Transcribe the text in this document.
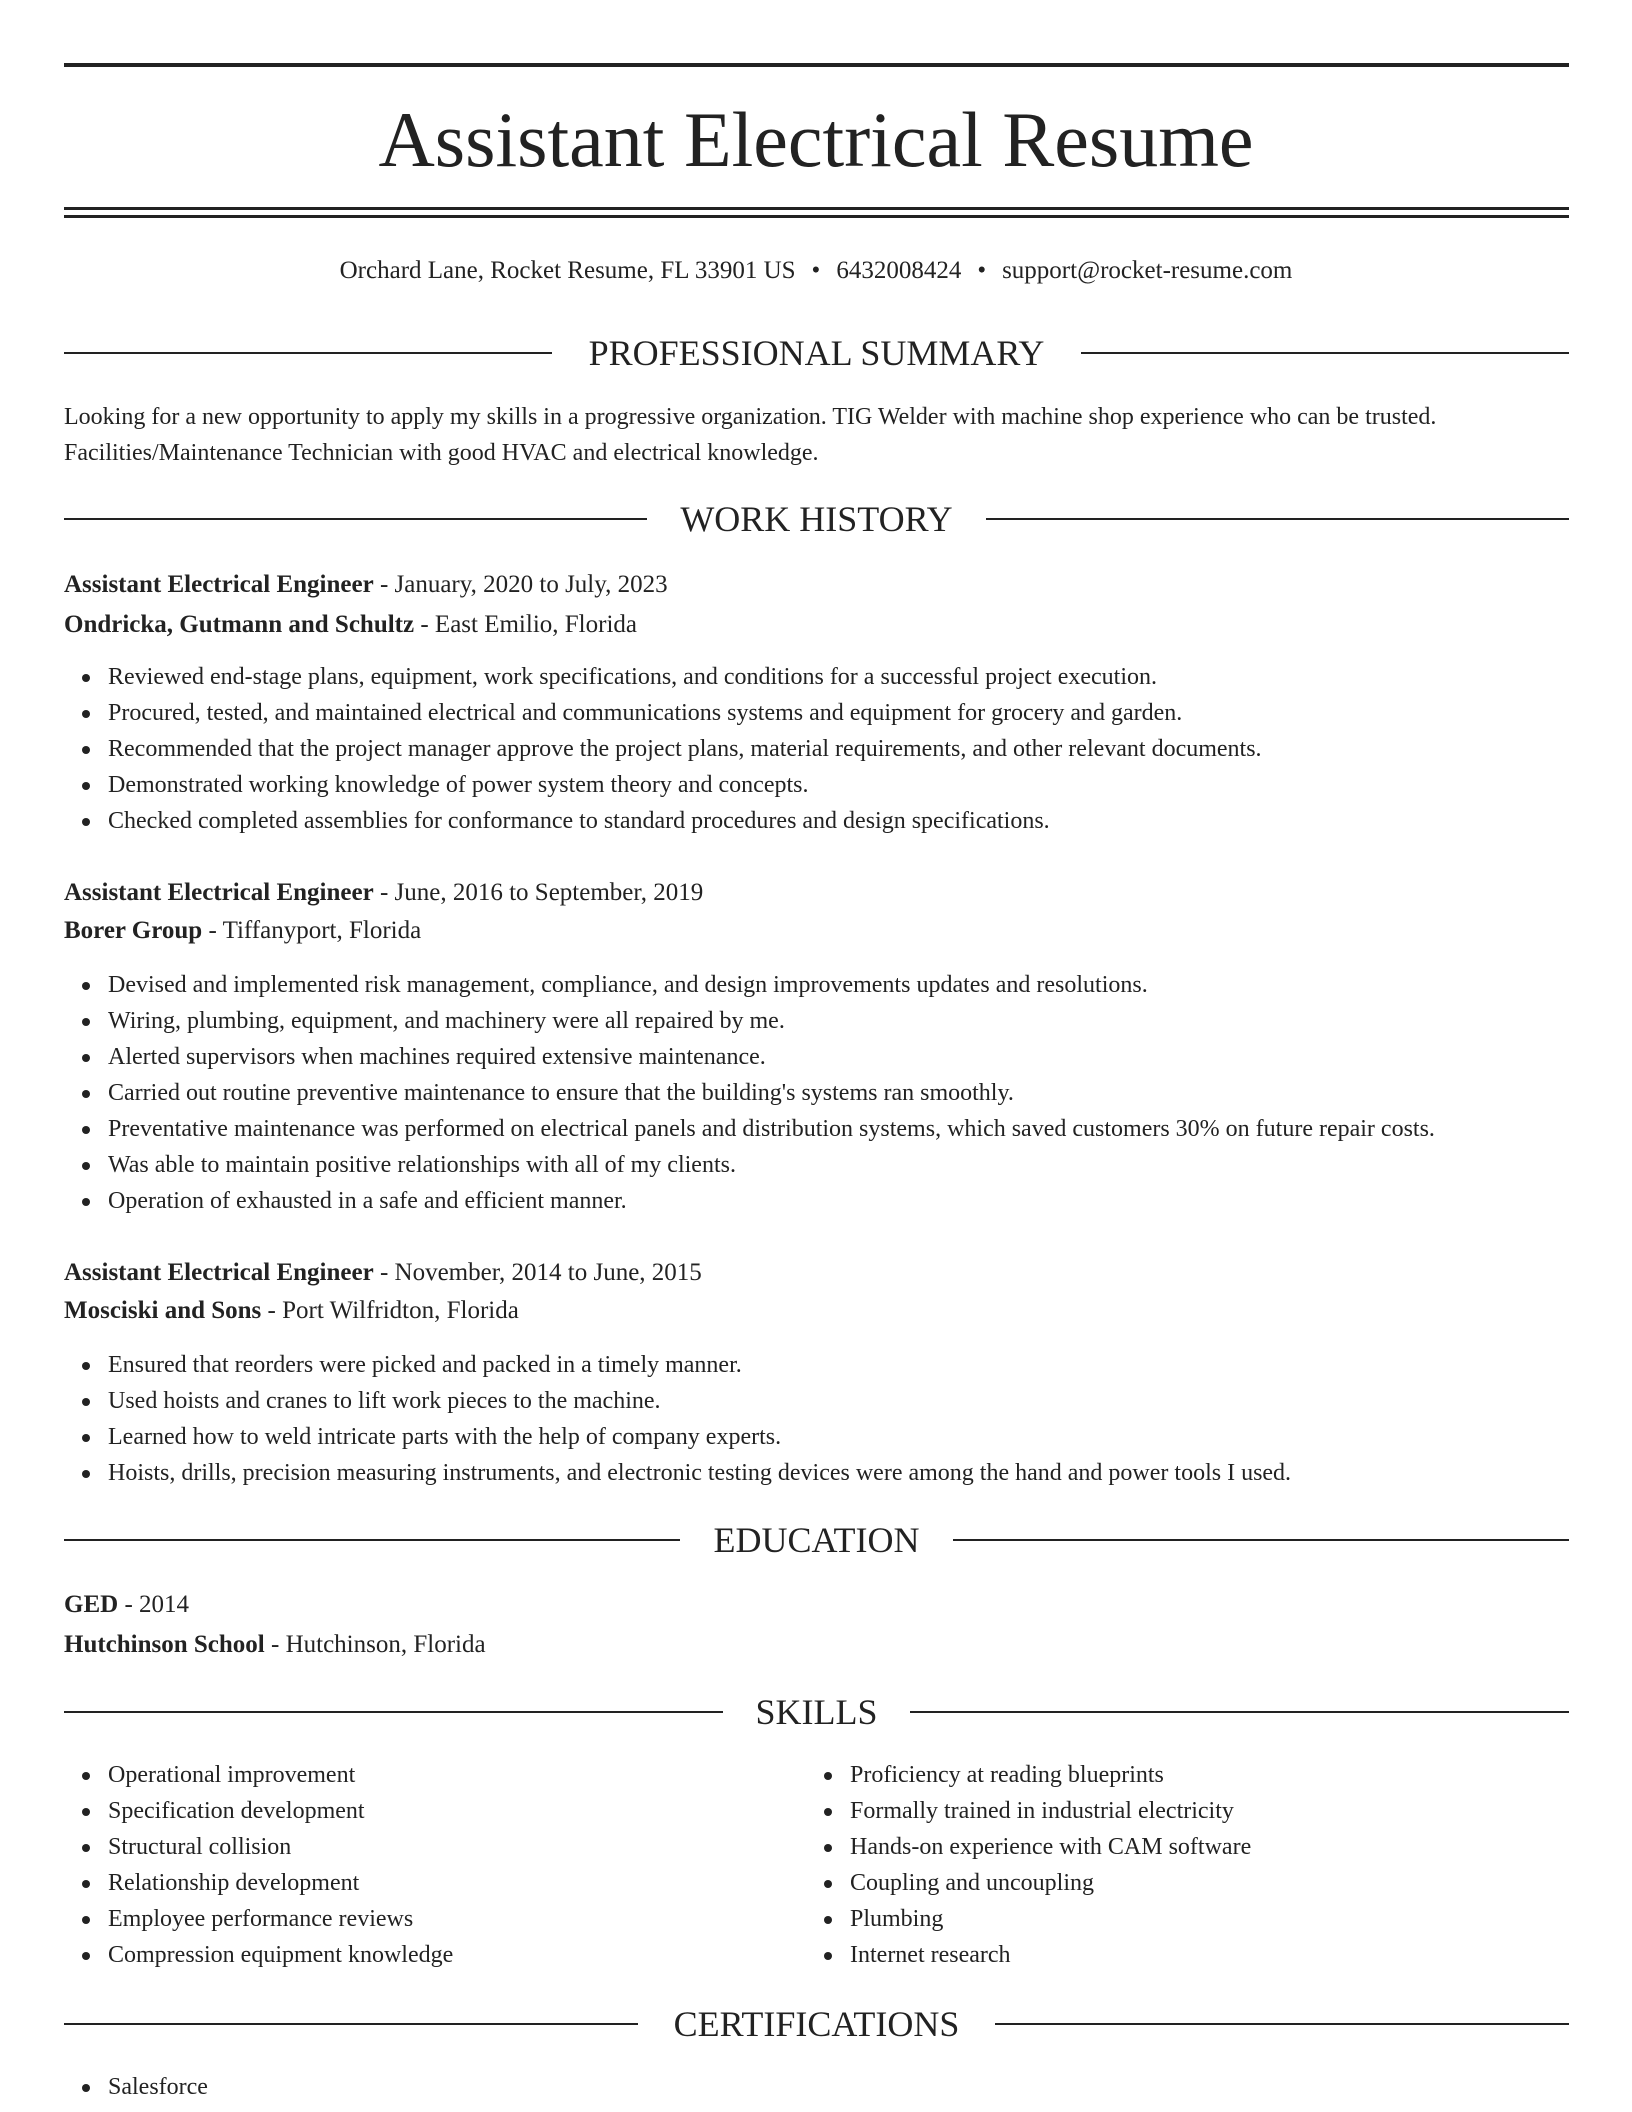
Assistant Electrical Resume
Orchard Lane, Rocket Resume, FL 33901 US • 6432008424 • support@rocket-resume.com
PROFESSIONAL SUMMARY
Looking for a new opportunity to apply my skills in a progressive organization. TIG Welder with machine shop experience who can be trusted. Facilities/Maintenance Technician with good HVAC and electrical knowledge.
WORK HISTORY
Assistant Electrical Engineer - January, 2020 to July, 2023
Ondricka, Gutmann and Schultz - East Emilio, Florida
Reviewed end-stage plans, equipment, work specifications, and conditions for a successful project execution.
Procured, tested, and maintained electrical and communications systems and equipment for grocery and garden.
Recommended that the project manager approve the project plans, material requirements, and other relevant documents.
Demonstrated working knowledge of power system theory and concepts.
Checked completed assemblies for conformance to standard procedures and design specifications.
Assistant Electrical Engineer - June, 2016 to September, 2019
Borer Group - Tiffanyport, Florida
Devised and implemented risk management, compliance, and design improvements updates and resolutions.
Wiring, plumbing, equipment, and machinery were all repaired by me.
Alerted supervisors when machines required extensive maintenance.
Carried out routine preventive maintenance to ensure that the building's systems ran smoothly.
Preventative maintenance was performed on electrical panels and distribution systems, which saved customers 30% on future repair costs.
Was able to maintain positive relationships with all of my clients.
Operation of exhausted in a safe and efficient manner.
Assistant Electrical Engineer - November, 2014 to June, 2015
Mosciski and Sons - Port Wilfridton, Florida
Ensured that reorders were picked and packed in a timely manner.
Used hoists and cranes to lift work pieces to the machine.
Learned how to weld intricate parts with the help of company experts.
Hoists, drills, precision measuring instruments, and electronic testing devices were among the hand and power tools I used.
EDUCATION
GED - 2014
Hutchinson School - Hutchinson, Florida
SKILLS
Operational improvement
Specification development
Structural collision
Relationship development
Employee performance reviews
Compression equipment knowledge
Proficiency at reading blueprints
Formally trained in industrial electricity
Hands-on experience with CAM software
Coupling and uncoupling
Plumbing
Internet research
CERTIFICATIONS
Salesforce
